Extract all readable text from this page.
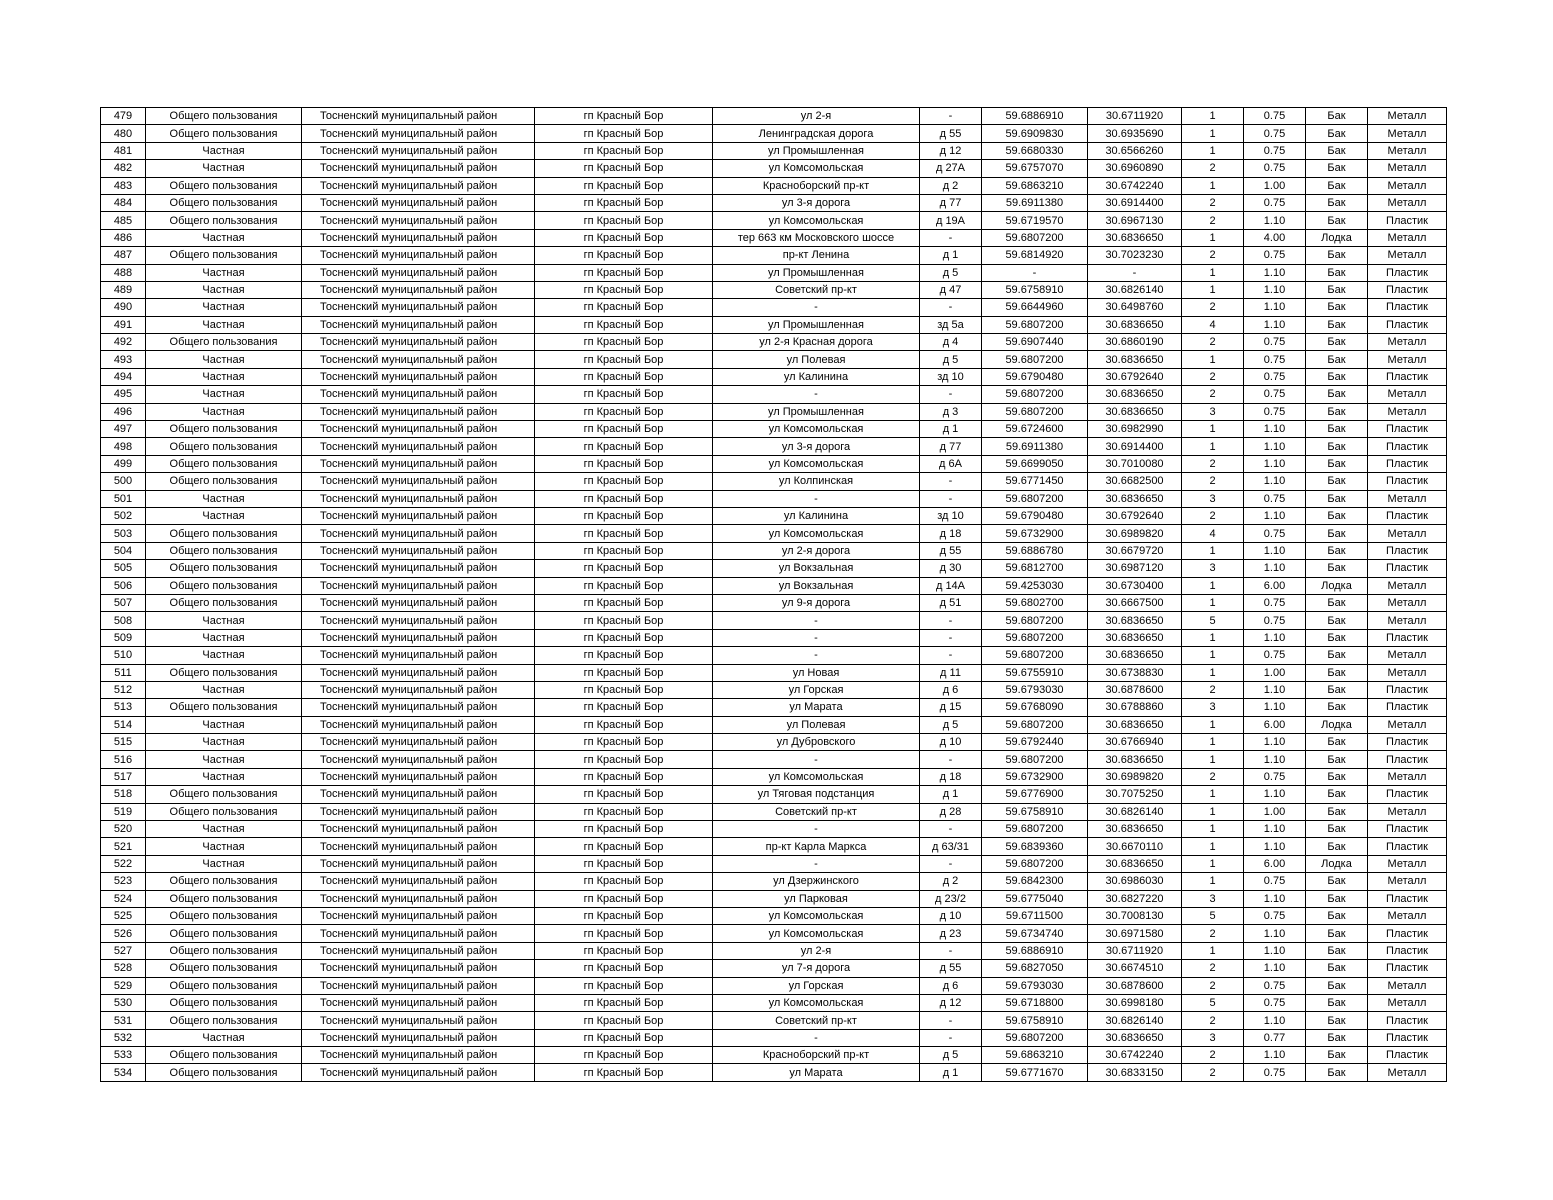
479	Общего пользования	Тосненский муниципальный район	гп Красный Бор	ул 2-я	-	59.6886910	30.6711920	1	0.75	Бак	Металл
480	Общего пользования	Тосненский муниципальный район	гп Красный Бор	Ленинградская дорога	д 55	59.6909830	30.6935690	1	0.75	Бак	Металл
481	Частная	Тосненский муниципальный район	гп Красный Бор	ул Промышленная	д 12	59.6680330	30.6566260	1	0.75	Бак	Металл
482	Частная	Тосненский муниципальный район	гп Красный Бор	ул Комсомольская	д 27А	59.6757070	30.6960890	2	0.75	Бак	Металл
483	Общего пользования	Тосненский муниципальный район	гп Красный Бор	Красноборский пр-кт	д 2	59.6863210	30.6742240	1	1.00	Бак	Металл
484	Общего пользования	Тосненский муниципальный район	гп Красный Бор	ул 3-я дорога	д 77	59.6911380	30.6914400	2	0.75	Бак	Металл
485	Общего пользования	Тосненский муниципальный район	гп Красный Бор	ул Комсомольская	д 19А	59.6719570	30.6967130	2	1.10	Бак	Пластик
486	Частная	Тосненский муниципальный район	гп Красный Бор	тер 663 км Московского шоссе	-	59.6807200	30.6836650	1	4.00	Лодка	Металл
487	Общего пользования	Тосненский муниципальный район	гп Красный Бор	пр-кт Ленина	д 1	59.6814920	30.7023230	2	0.75	Бак	Металл
488	Частная	Тосненский муниципальный район	гп Красный Бор	ул Промышленная	д 5	-	-	1	1.10	Бак	Пластик
489	Частная	Тосненский муниципальный район	гп Красный Бор	Советский пр-кт	д 47	59.6758910	30.6826140	1	1.10	Бак	Пластик
490	Частная	Тосненский муниципальный район	гп Красный Бор	-	-	59.6644960	30.6498760	2	1.10	Бак	Пластик
491	Частная	Тосненский муниципальный район	гп Красный Бор	ул Промышленная	зд 5а	59.6807200	30.6836650	4	1.10	Бак	Пластик
492	Общего пользования	Тосненский муниципальный район	гп Красный Бор	ул 2-я Красная дорога	д 4	59.6907440	30.6860190	2	0.75	Бак	Металл
493	Частная	Тосненский муниципальный район	гп Красный Бор	ул Полевая	д 5	59.6807200	30.6836650	1	0.75	Бак	Металл
494	Частная	Тосненский муниципальный район	гп Красный Бор	ул Калинина	зд 10	59.6790480	30.6792640	2	0.75	Бак	Пластик
495	Частная	Тосненский муниципальный район	гп Красный Бор	-	-	59.6807200	30.6836650	2	0.75	Бак	Металл
496	Частная	Тосненский муниципальный район	гп Красный Бор	ул Промышленная	д 3	59.6807200	30.6836650	3	0.75	Бак	Металл
497	Общего пользования	Тосненский муниципальный район	гп Красный Бор	ул Комсомольская	д 1	59.6724600	30.6982990	1	1.10	Бак	Пластик
498	Общего пользования	Тосненский муниципальный район	гп Красный Бор	ул 3-я дорога	д 77	59.6911380	30.6914400	1	1.10	Бак	Пластик
499	Общего пользования	Тосненский муниципальный район	гп Красный Бор	ул Комсомольская	д 6А	59.6699050	30.7010080	2	1.10	Бак	Пластик
500	Общего пользования	Тосненский муниципальный район	гп Красный Бор	ул Колпинская	-	59.6771450	30.6682500	2	1.10	Бак	Пластик
501	Частная	Тосненский муниципальный район	гп Красный Бор	-	-	59.6807200	30.6836650	3	0.75	Бак	Металл
502	Частная	Тосненский муниципальный район	гп Красный Бор	ул Калинина	зд 10	59.6790480	30.6792640	2	1.10	Бак	Пластик
503	Общего пользования	Тосненский муниципальный район	гп Красный Бор	ул Комсомольская	д 18	59.6732900	30.6989820	4	0.75	Бак	Металл
504	Общего пользования	Тосненский муниципальный район	гп Красный Бор	ул 2-я дорога	д 55	59.6886780	30.6679720	1	1.10	Бак	Пластик
505	Общего пользования	Тосненский муниципальный район	гп Красный Бор	ул Вокзальная	д 30	59.6812700	30.6987120	3	1.10	Бак	Пластик
506	Общего пользования	Тосненский муниципальный район	гп Красный Бор	ул Вокзальная	д 14А	59.4253030	30.6730400	1	6.00	Лодка	Металл
507	Общего пользования	Тосненский муниципальный район	гп Красный Бор	ул 9-я дорога	д 51	59.6802700	30.6667500	1	0.75	Бак	Металл
508	Частная	Тосненский муниципальный район	гп Красный Бор	-	-	59.6807200	30.6836650	5	0.75	Бак	Металл
509	Частная	Тосненский муниципальный район	гп Красный Бор	-	-	59.6807200	30.6836650	1	1.10	Бак	Пластик
510	Частная	Тосненский муниципальный район	гп Красный Бор	-	-	59.6807200	30.6836650	1	0.75	Бак	Металл
511	Общего пользования	Тосненский муниципальный район	гп Красный Бор	ул Новая	д 11	59.6755910	30.6738830	1	1.00	Бак	Металл
512	Частная	Тосненский муниципальный район	гп Красный Бор	ул Горская	д 6	59.6793030	30.6878600	2	1.10	Бак	Пластик
513	Общего пользования	Тосненский муниципальный район	гп Красный Бор	ул Марата	д 15	59.6768090	30.6788860	3	1.10	Бак	Пластик
514	Частная	Тосненский муниципальный район	гп Красный Бор	ул Полевая	д 5	59.6807200	30.6836650	1	6.00	Лодка	Металл
515	Частная	Тосненский муниципальный район	гп Красный Бор	ул Дубровского	д 10	59.6792440	30.6766940	1	1.10	Бак	Пластик
516	Частная	Тосненский муниципальный район	гп Красный Бор	-	-	59.6807200	30.6836650	1	1.10	Бак	Пластик
517	Частная	Тосненский муниципальный район	гп Красный Бор	ул Комсомольская	д 18	59.6732900	30.6989820	2	0.75	Бак	Металл
518	Общего пользования	Тосненский муниципальный район	гп Красный Бор	ул Тяговая подстанция	д 1	59.6776900	30.7075250	1	1.10	Бак	Пластик
519	Общего пользования	Тосненский муниципальный район	гп Красный Бор	Советский пр-кт	д 28	59.6758910	30.6826140	1	1.00	Бак	Металл
520	Частная	Тосненский муниципальный район	гп Красный Бор	-	-	59.6807200	30.6836650	1	1.10	Бак	Пластик
521	Частная	Тосненский муниципальный район	гп Красный Бор	пр-кт Карла Маркса	д 63/31	59.6839360	30.6670110	1	1.10	Бак	Пластик
522	Частная	Тосненский муниципальный район	гп Красный Бор	-	-	59.6807200	30.6836650	1	6.00	Лодка	Металл
523	Общего пользования	Тосненский муниципальный район	гп Красный Бор	ул Дзержинского	д 2	59.6842300	30.6986030	1	0.75	Бак	Металл
524	Общего пользования	Тосненский муниципальный район	гп Красный Бор	ул Парковая	д 23/2	59.6775040	30.6827220	3	1.10	Бак	Пластик
525	Общего пользования	Тосненский муниципальный район	гп Красный Бор	ул Комсомольская	д 10	59.6711500	30.7008130	5	0.75	Бак	Металл
526	Общего пользования	Тосненский муниципальный район	гп Красный Бор	ул Комсомольская	д 23	59.6734740	30.6971580	2	1.10	Бак	Пластик
527	Общего пользования	Тосненский муниципальный район	гп Красный Бор	ул 2-я	-	59.6886910	30.6711920	1	1.10	Бак	Пластик
528	Общего пользования	Тосненский муниципальный район	гп Красный Бор	ул 7-я дорога	д 55	59.6827050	30.6674510	2	1.10	Бак	Пластик
529	Общего пользования	Тосненский муниципальный район	гп Красный Бор	ул Горская	д 6	59.6793030	30.6878600	2	0.75	Бак	Металл
530	Общего пользования	Тосненский муниципальный район	гп Красный Бор	ул Комсомольская	д 12	59.6718800	30.6998180	5	0.75	Бак	Металл
531	Общего пользования	Тосненский муниципальный район	гп Красный Бор	Советский пр-кт	-	59.6758910	30.6826140	2	1.10	Бак	Пластик
532	Частная	Тосненский муниципальный район	гп Красный Бор	-	-	59.6807200	30.6836650	3	0.77	Бак	Пластик
533	Общего пользования	Тосненский муниципальный район	гп Красный Бор	Красноборский пр-кт	д 5	59.6863210	30.6742240	2	1.10	Бак	Пластик
534	Общего пользования	Тосненский муниципальный район	гп Красный Бор	ул Марата	д 1	59.6771670	30.6833150	2	0.75	Бак	Металл
